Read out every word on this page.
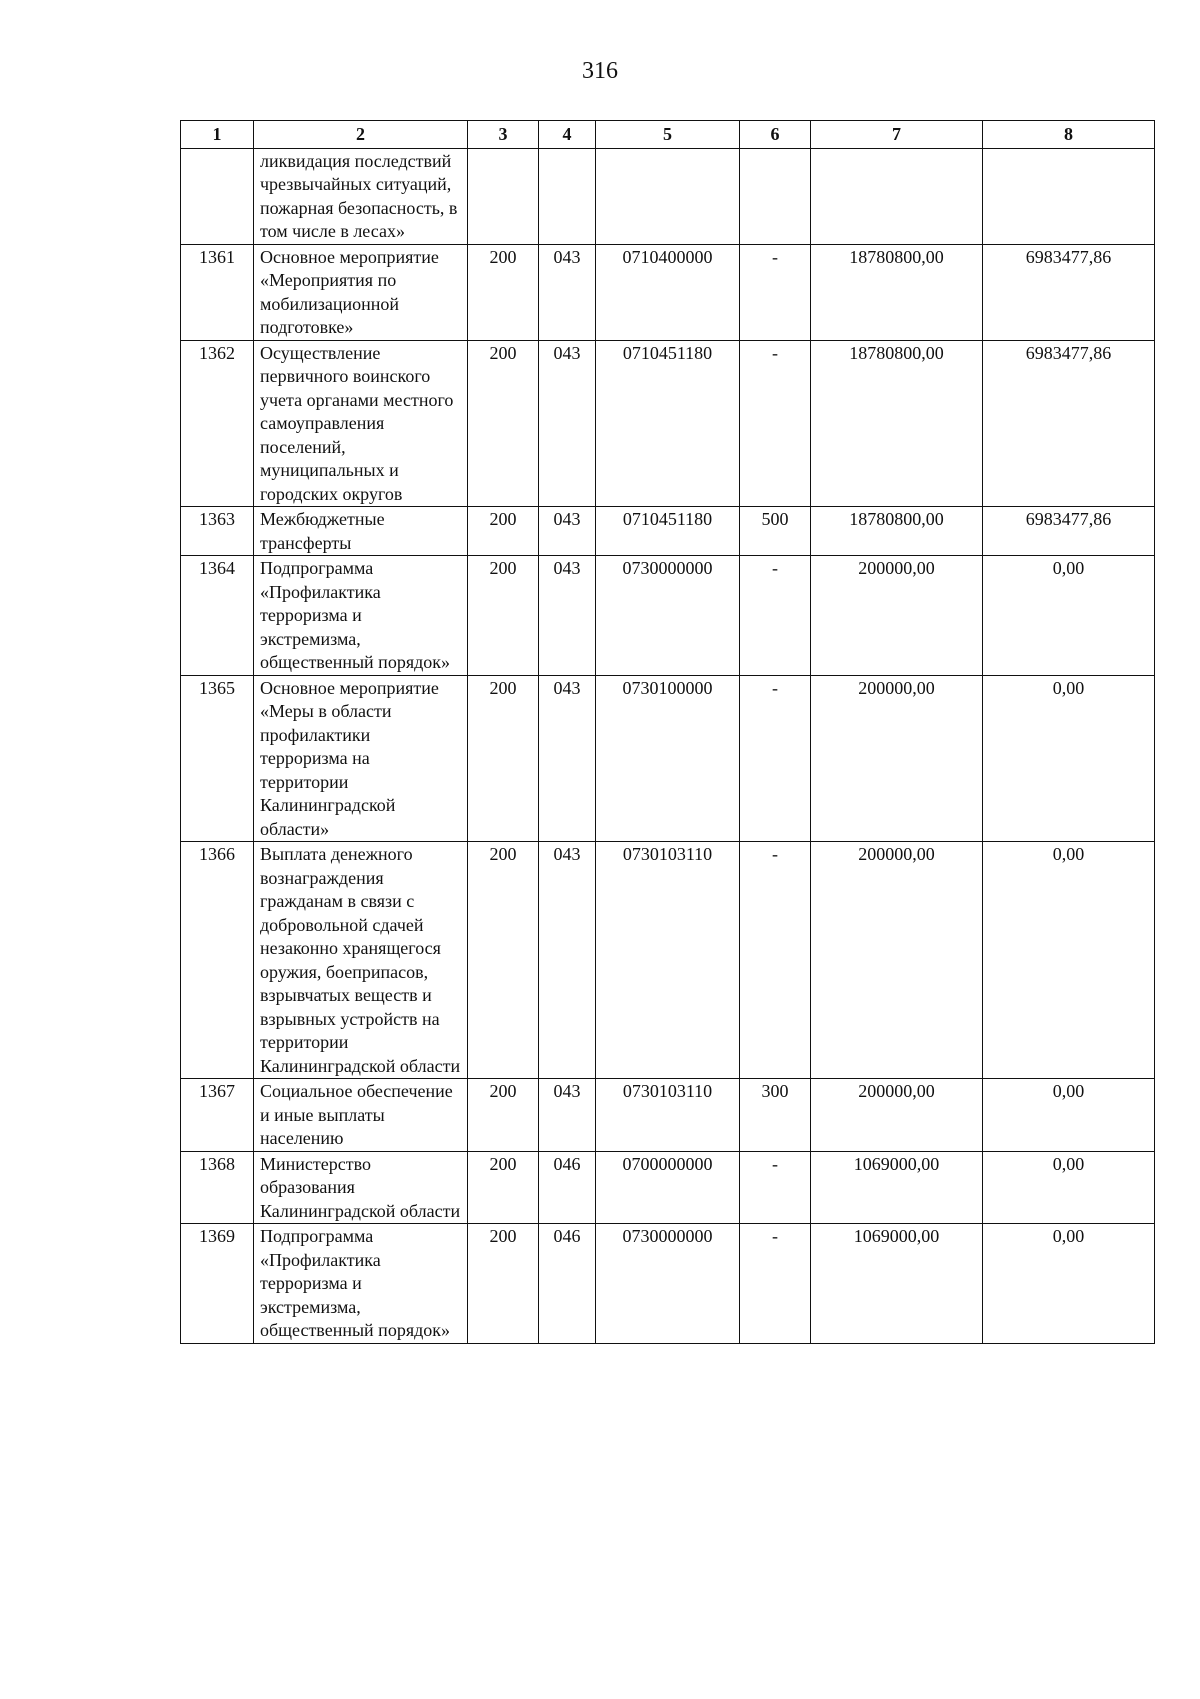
316
1	2	3	4	5	6	7	8
	ликвидация последствий чрезвычайных ситуаций, пожарная безопасность, в том числе в лесах»						
1361	Основное мероприятие «Мероприятия по мобилизационной подготовке»	200	043	0710400000	-	18780800,00	6983477,86
1362	Осуществление первичного воинского учета органами местного самоуправления поселений, муниципальных и городских округов	200	043	0710451180	-	18780800,00	6983477,86
1363	Межбюджетные трансферты	200	043	0710451180	500	18780800,00	6983477,86
1364	Подпрограмма «Профилактика терроризма и экстремизма, общественный порядок»	200	043	0730000000	-	200000,00	0,00
1365	Основное мероприятие «Меры в области профилактики терроризма на территории Калининградской области»	200	043	0730100000	-	200000,00	0,00
1366	Выплата денежного вознаграждения гражданам в связи с добровольной сдачей незаконно хранящегося оружия, боеприпасов, взрывчатых веществ и взрывных устройств на территории Калининградской области	200	043	0730103110	-	200000,00	0,00
1367	Социальное обеспечение и иные выплаты населению	200	043	0730103110	300	200000,00	0,00
1368	Министерство образования Калининградской области	200	046	0700000000	-	1069000,00	0,00
1369	Подпрограмма «Профилактика терроризма и экстремизма, общественный порядок»	200	046	0730000000	-	1069000,00	0,00
